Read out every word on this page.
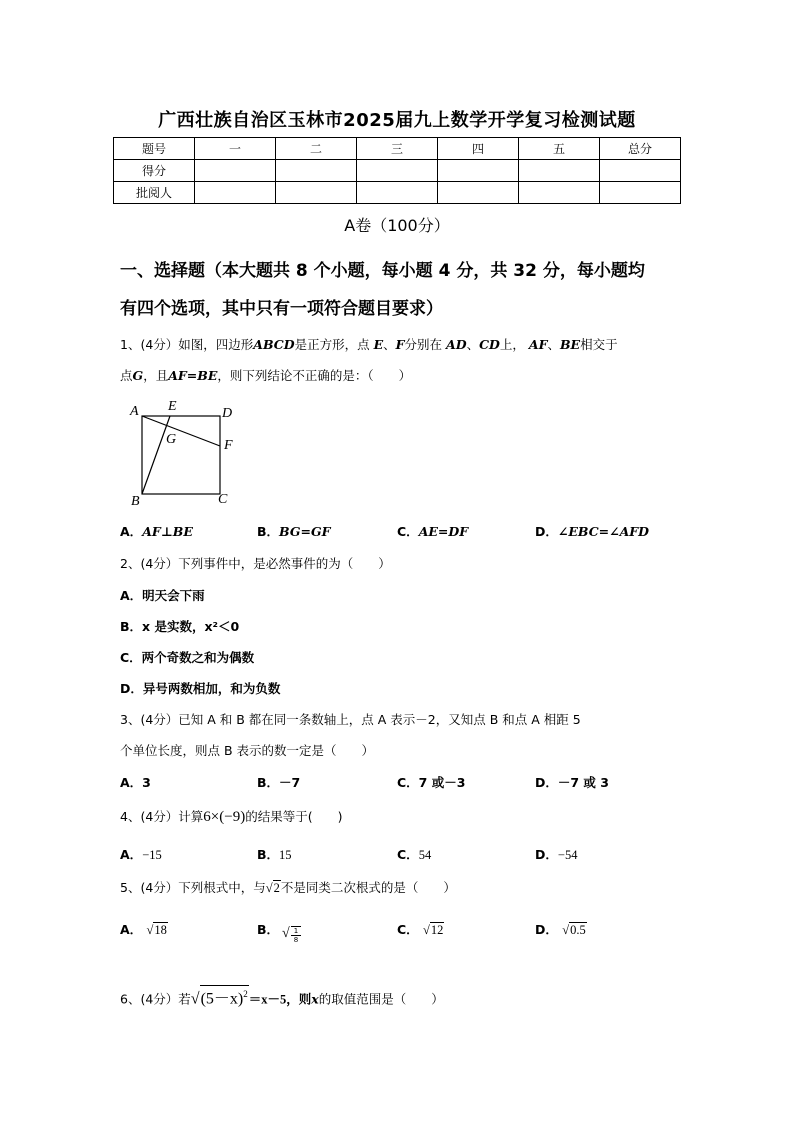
广西壮族自治区玉林市2025届九上数学开学复习检测试题
题号	一	二	三	四	五	总分
得分						
批阅人						
A卷（100分）
一、选择题（本大题共 8 个小题，每小题 4 分，共 32 分，每小题均
有四个选项，其中只有一项符合题目要求）
1、(4分）如图，四边形ABCD是正方形，点 E、F分别在 AD、CD上， AF、BE相交于
点G，且AF=BE，则下列结论不正确的是：（　　）
A E	D
G	F
B	C
A．AF⊥BE	B．BG=GF	C．AE=DF	D．∠EBC=∠AFD
2、(4分）下列事件中，是必然事件的为（　　）
A．明天会下雨
B．x 是实数，x²＜0
C．两个奇数之和为偶数
D．异号两数相加，和为负数
3、(4分）已知 A 和 B 都在同一条数轴上，点 A 表示－2，又知点 B 和点 A 相距 5
个单位长度，则点 B 表示的数一定是（　　）
A．3	B．－7	C．7 或－3	D．－7 或 3
4、(4分）计算6×(−9)的结果等于(　　)
A．−15	B．15	C．54	D．−54
5、(4分）下列根式中，与√2不是同类二次根式的是（　　）
A． √18	B． √ 1
8
C． √12	D． √0.5
6、(4分）若$√(5-x)^2=x-5$，则x的取值范围是（　　）
